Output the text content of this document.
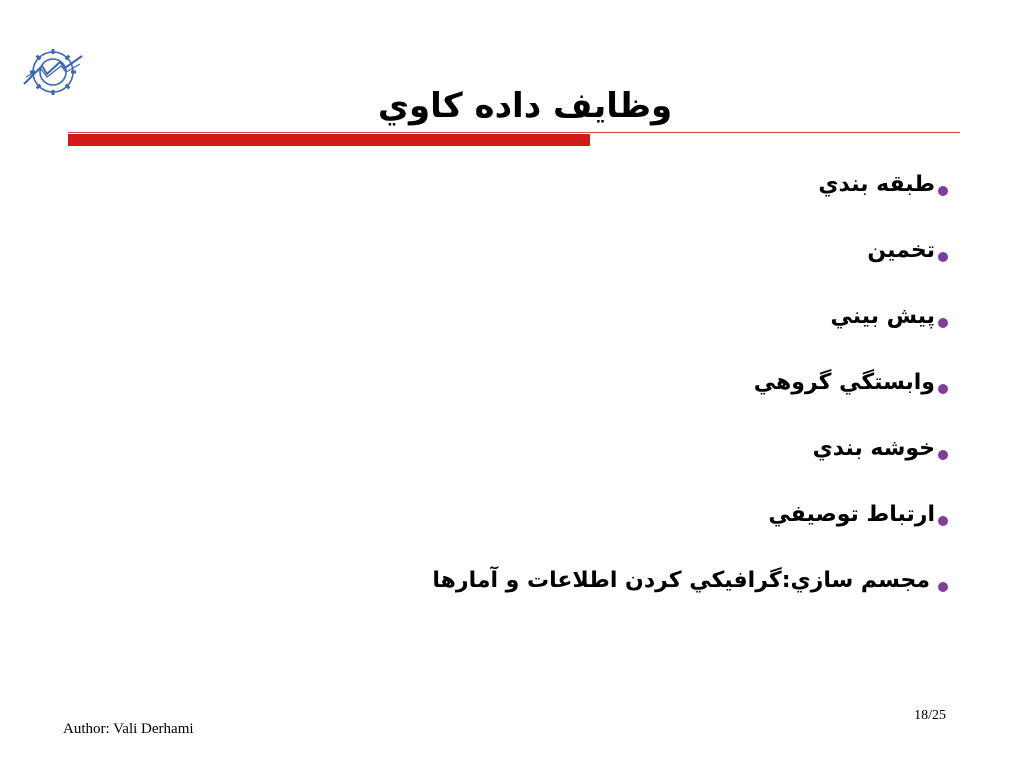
وظايف داده كاوي
طبقه بندي
تخمين
پيش بيني
وابستگي گروهي
خوشه بندي
ارتباط توصيفي
مجسم سازي:گرافيكي كردن اطلاعات و آمارها
Author: Vali Derhami
18/25
